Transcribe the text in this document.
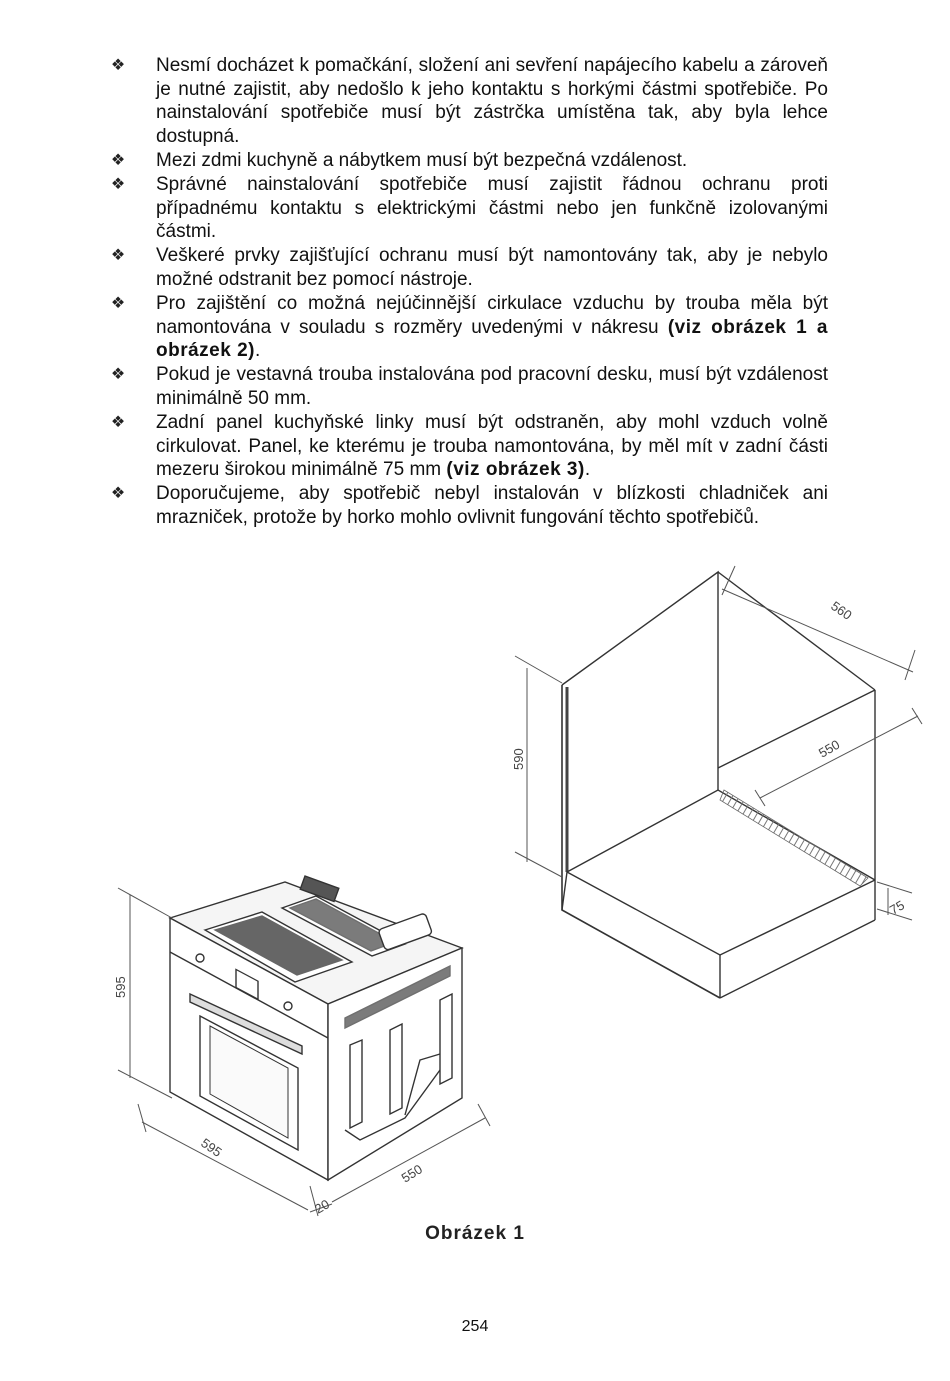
❖ Nesmí docházet k pomačkání, složení ani sevření napájecího kabelu a zároveň je nutné zajistit, aby nedošlo k jeho kontaktu s horkými částmi spotřebiče. Po nainstalování spotřebiče musí být zástrčka umístěna tak, aby byla lehce dostupná.
❖ Mezi zdmi kuchyně a nábytkem musí být bezpečná vzdálenost.
❖ Správné nainstalování spotřebiče musí zajistit řádnou ochranu proti případnému kontaktu s elektrickými částmi nebo jen funkčně izolovanými částmi.
❖ Veškeré prvky zajišťující ochranu musí být namontovány tak, aby je nebylo možné odstranit bez pomocí nástroje.
❖ Pro zajištění co možná nejúčinnější cirkulace vzduchu by trouba měla být namontována v souladu s rozměry uvedenými v nákresu (viz obrázek 1 a obrázek 2).
❖ Pokud je vestavná trouba instalována pod pracovní desku, musí být vzdálenost minimálně 50 mm.
❖ Zadní panel kuchyňské linky musí být odstraněn, aby mohl vzduch volně cirkulovat. Panel, ke kterému je trouba namontována, by měl mít v zadní části mezeru širokou minimálně 75 mm (viz obrázek 3).
❖ Doporučujeme, aby spotřebič nebyl instalován v blízkosti chladniček ani mrazniček, protože by horko mohlo ovlivnit fungování těchto spotřebičů.
560
550
590
75
595
595
550
20
Obrázek 1
254
